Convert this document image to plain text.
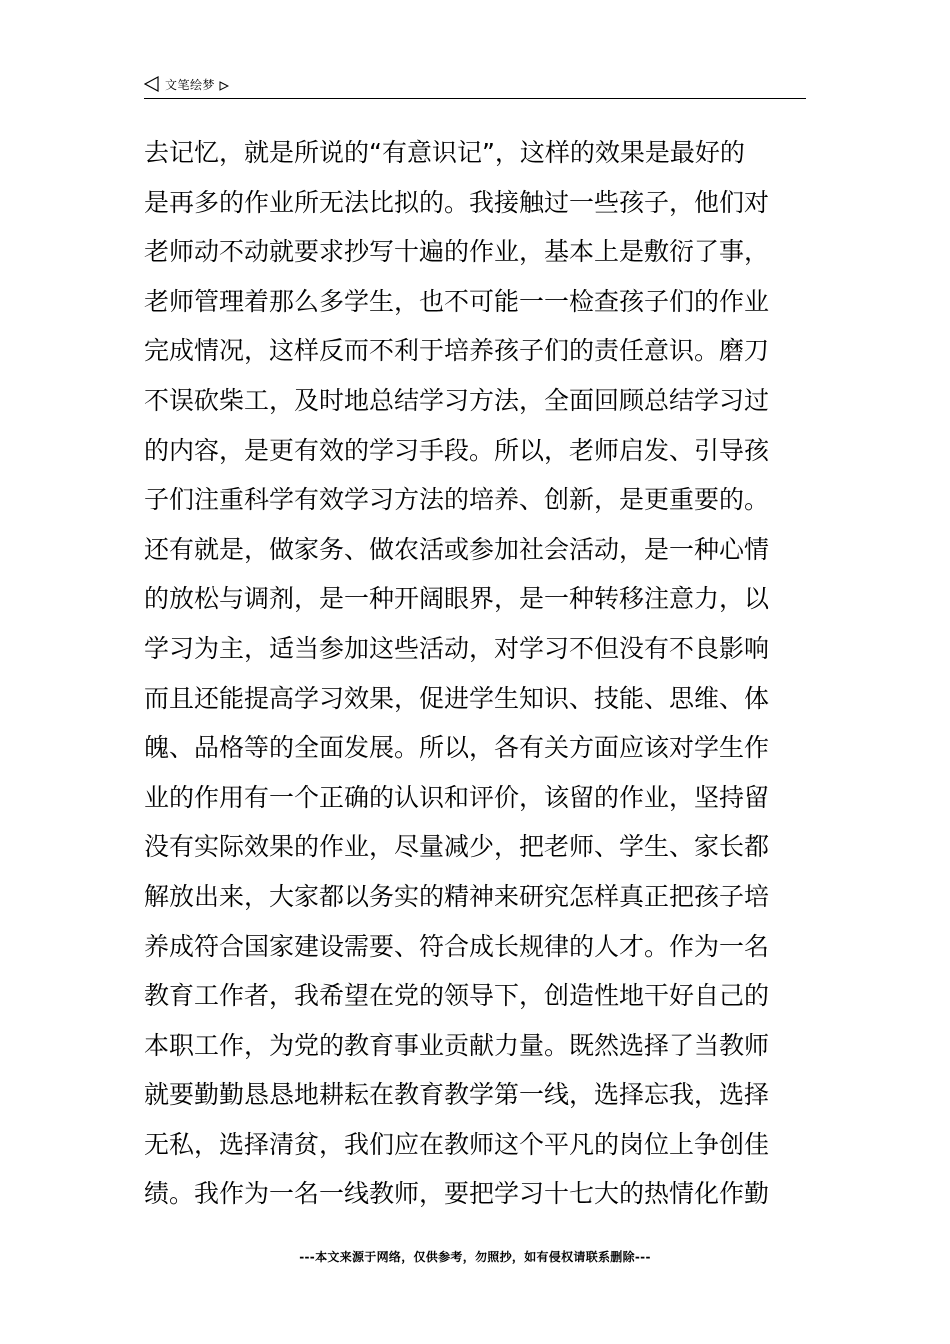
文笔绘梦
去记忆，就是所说的“有意识记”，这样的效果是最好的
是再多的作业所无法比拟的。我接触过一些孩子，他们对
老师动不动就要求抄写十遍的作业，基本上是敷衍了事，
老师管理着那么多学生，也不可能一一检查孩子们的作业
完成情况，这样反而不利于培养孩子们的责任意识。磨刀
不误砍柴工，及时地总结学习方法，全面回顾总结学习过
的内容，是更有效的学习手段。所以，老师启发、引导孩
子们注重科学有效学习方法的培养、创新，是更重要的。
还有就是，做家务、做农活或参加社会活动，是一种心情
的放松与调剂，是一种开阔眼界，是一种转移注意力，以
学习为主，适当参加这些活动，对学习不但没有不良影响
而且还能提高学习效果，促进学生知识、技能、思维、体
魄、品格等的全面发展。所以，各有关方面应该对学生作
业的作用有一个正确的认识和评价，该留的作业，坚持留
没有实际效果的作业，尽量减少，把老师、学生、家长都
解放出来，大家都以务实的精神来研究怎样真正把孩子培
养成符合国家建设需要、符合成长规律的人才。作为一名
教育工作者，我希望在党的领导下，创造性地干好自己的
本职工作，为党的教育事业贡献力量。既然选择了当教师
就要勤勤恳恳地耕耘在教育教学第一线，选择忘我，选择
无私，选择清贫，我们应在教师这个平凡的岗位上争创佳
绩。我作为一名一线教师，要把学习十七大的热情化作勤
---本文来源于网络，仅供参考，勿照抄，如有侵权请联系删除---
